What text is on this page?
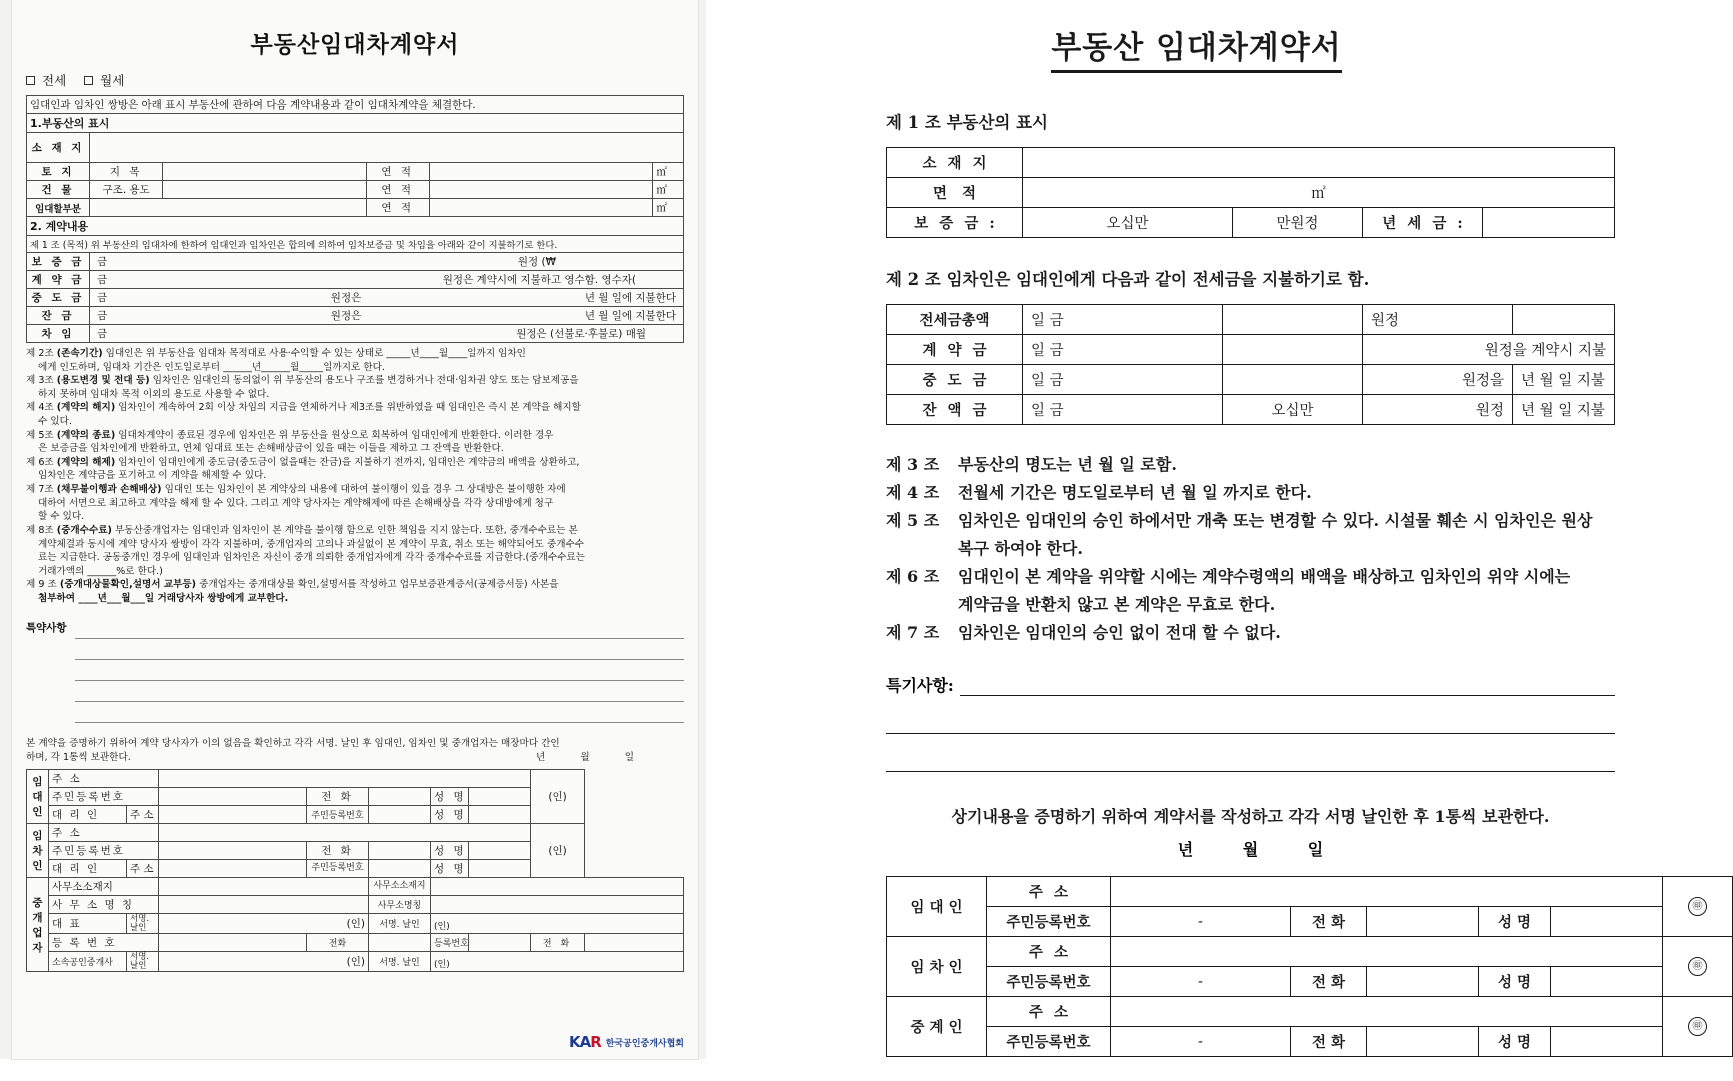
부동산임대차계약서
전세	월세
임대인과 임차인 쌍방은 아래 표시 부동산에 관하여 다음 계약내용과 같이 임대차계약을 체결한다.					
1.부동산의 표시					
소 재 지					
토 지	지 목		연 적		㎡
건 물	구조. 용도		연 적		㎡
임대할부분			연 적		㎡
2. 계약내용					
제 1 조 (목적) 위 부동산의 임대차에 한하여 임대인과 임차인은 합의에 의하여 임차보증금 및 차임을 아래와 같이 지불하기로 한다.					
보 증 금	금 원정 (₩				

계 약 금	금 원정은 계약시에 지불하고 영수함. 영수자(				

중 도 금	금 원정은 년 월 일에 지불한다				

잔 금	금 원정은 년 월 일에 지불한다				

차 임	금 원정은 (선불로·후불로) 매월				

제 2조 (존속기간) 임대인은 위 부동산을 임대차 목적대로 사용·수익할 수 있는 상태로 _____년____월____일까지 임차인

에게 인도하며, 임대차 기간은 인도일로부터 ______년______월_____일까지로 한다.

제 3조 (용도변경 및 전대 등) 임차인은 임대인의 동의없이 위 부동산의 용도나 구조를 변경하거나 전대·임차권 양도 또는 담보제공을

하지 못하며 임대차 목적 이외의 용도로 사용할 수 없다.

제 4조 (계약의 해지) 임차인이 계속하여 2회 이상 차임의 지급을 연체하거나 제3조를 위반하였을 때 임대인은 즉시 본 계약을 해지할

수 있다.

제 5조 (계약의 종료) 임대차계약이 종료된 경우에 임차인은 위 부동산을 원상으로 회복하여 임대인에게 반환한다. 이러한 경우

은 보증금을 임차인에게 반환하고, 연체 임대료 또는 손해배상금이 있을 때는 이들을 제하고 그 잔액을 반환한다.

제 6조 (계약의 해제) 임차인이 임대인에게 중도금(중도금이 없을때는 잔금)을 지불하기 전까지, 임대인은 계약금의 배액을 상환하고,

임차인은 계약금을 포기하고 이 계약을 해제할 수 있다.

제 7조 (채무불이행과 손해배상) 임대인 또는 임차인이 본 계약상의 내용에 대하여 불이행이 있을 경우 그 상대방은 불이행한 자에

대하여 서면으로 최고하고 계약을 해제 할 수 있다. 그리고 계약 당사자는 계약해제에 따른 손해배상을 각각 상대방에게 청구

할 수 있다.

제 8조 (중개수수료) 부동산중개업자는 임대인과 임차인이 본 계약을 불이행 함으로 인한 책임을 지지 않는다. 또한, 중개수수료는 본

계약체결과 동시에 계약 당사자 쌍방이 각각 지불하며, 중개업자의 고의나 과실없이 본 계약이 무효, 취소 또는 해약되어도 중개수수

료는 지급한다. 공동중개인 경우에 임대인과 임차인은 자신이 중개 의뢰한 중개업자에게 각각 중개수수료를 지급한다.(중개수수료는

거래가액의 ______%로 한다.)

제 9 조 (중개대상물확인,설명서 교부등) 중개업자는 중개대상물 확인,설명서를 작성하고 업무보증관계증서(공제증서등) 사본을

첨부하여 ____년___월___일 거래당사자 쌍방에게 교부한다.

특약사항
본 계약을 증명하기 위하여 계약 당사자가 이의 없음을 확인하고 각각 서명. 날인 후 임대인, 임차인 및 중개업자는 매장마다 간인
하며, 각 1통씩 보관한다.	년	월	일
임
대
인	주 소							(인)	
	주민등록번호			전 화		성 명			
	대 리 인	주 소		주민등록번호		성 명			

임
차
인	주 소							(인)	
	주민등록번호			전 화		성 명			
	대 리 인	주 소		주민등록번호		성 명			

중
개
업
자	사무소소재지				사무소소재지				
	사 무 소 명 칭				사무소명칭				
	대 표	서명. 날인	(인)		서명. 날인	(인)			
	등 록 번 호			전화		등록번호		전 화	
	소속공인중개사	서명. 날인	(인)		서명. 날인	(인)			
KAR 한국공인중개사협회
부동산 임대차계약서
제 1 조 부동산의 표시
소 재 지				
면 적	㎡			
보 증 금 :	오십만	만원정	년 세 금 :	
제 2 조 임차인은 임대인에게 다음과 같이 전세금을 지불하기로 함.
전세금총액	일 금		원정	
계 약 금	일 금		원정을 계약시 지불	
중 도 금	일 금		원정을	년 월 일 지불
잔 액 금	일 금	오십만	원정	년 월 일 지불
제 3 조 부동산의 명도는 년 월 일 로함.
제 4 조 전월세 기간은 명도일로부터 년 월 일 까지로 한다.
제 5 조 임차인은 임대인의 승인 하에서만 개축 또는 변경할 수 있다. 시설물 훼손 시 임차인은 원상 복구 하여야 한다.
제 6 조 임대인이 본 계약을 위약할 시에는 계약수령액의 배액을 배상하고 임차인의 위약 시에는 계약금을 반환치 않고 본 계약은 무효로 한다.
제 7 조 임차인은 임대인의 승인 없이 전대 할 수 없다.
특기사항:
상기내용을 증명하기 위하여 계약서를 작성하고 각각 서명 날인한 후 1통씩 보관한다.
년 월 일
임 대 인	주 소						㊞
	주민등록번호	-	전 화		성 명		
임 차 인	주 소						㊞
	주민등록번호	-	전 화		성 명		
중 계 인	주 소						㊞
	주민등록번호	-	전 화		성 명		
